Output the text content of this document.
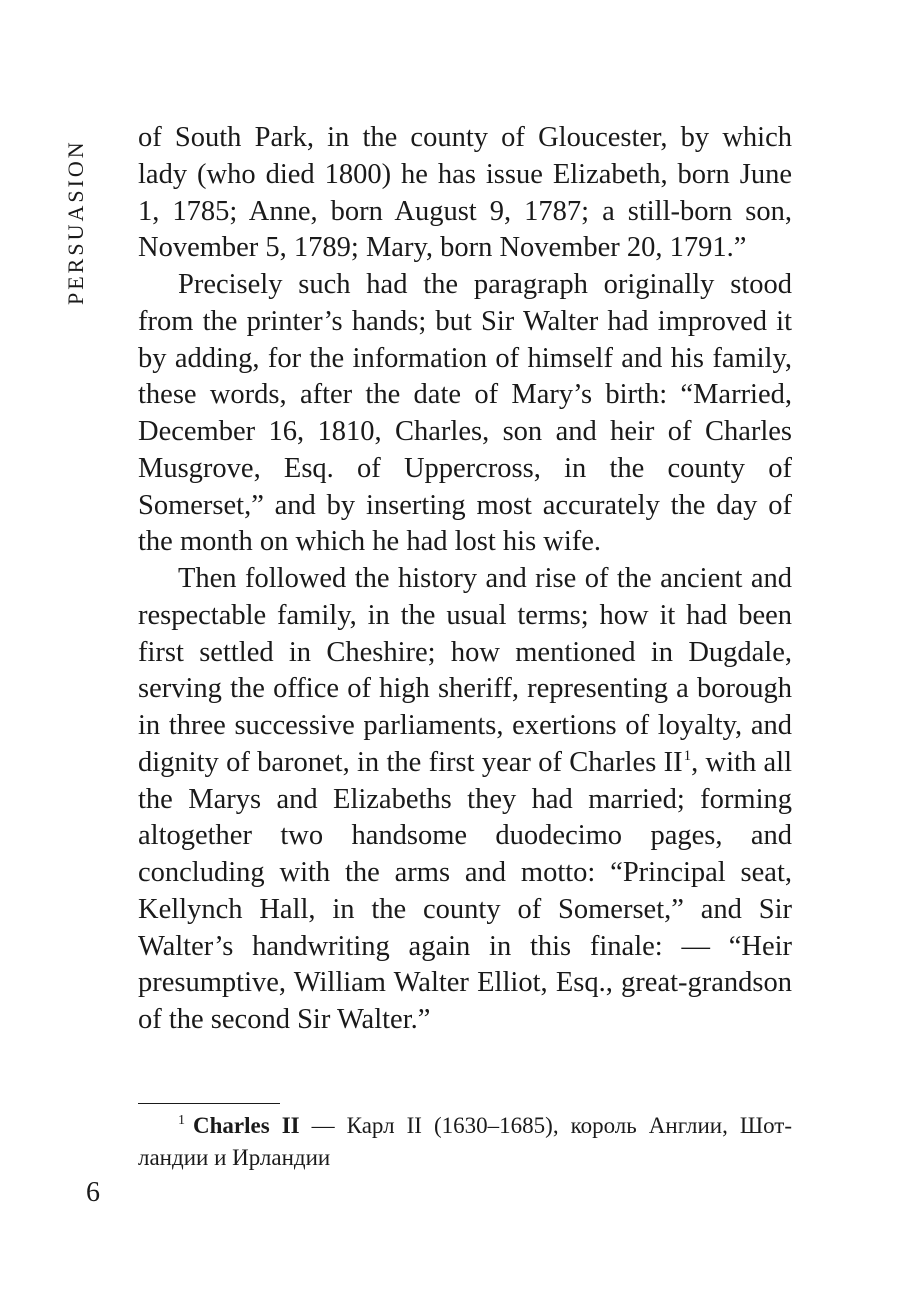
PERSUASION

of South Park, in the county of Gloucester, by which lady (who died 1800) he has issue Elizabeth, born June 1, 1785; Anne, born August 9, 1787; a still-born son, November 5, 1789; Mary, born November 20, 1791.”

Precisely such had the paragraph originally stood from the printer’s hands; but Sir Walter had improved it by adding, for the information of himself and his family, these words, after the date of Mary’s birth: “Married, December 16, 1810, Charles, son and heir of Charles Musgrove, Esq. of Uppercross, in the county of Somerset,” and by inserting most accurately the day of the month on which he had lost his wife.

Then followed the history and rise of the ancient and respectable family, in the usual terms; how it had been first settled in Cheshire; how mentioned in Dugdale, serving the office of high sheriff, representing a borough in three successive parliaments, exertions of loyalty, and dignity of baronet, in the first year of Charles II$^1$, with all the Marys and Elizabeths they had married; forming altogether two handsome duodecimo pages, and concluding with the arms and motto: “Principal seat, Kellynch Hall, in the county of Somerset,” and Sir Walter’s handwriting again in this finale: — “Heir presumptive, William Walter Elliot, Esq., great-grandson of the second Sir Walter.”

$^1$ Charles II — Карл II (1630–1685), король Англии, Шотландии и Ирландии
6
